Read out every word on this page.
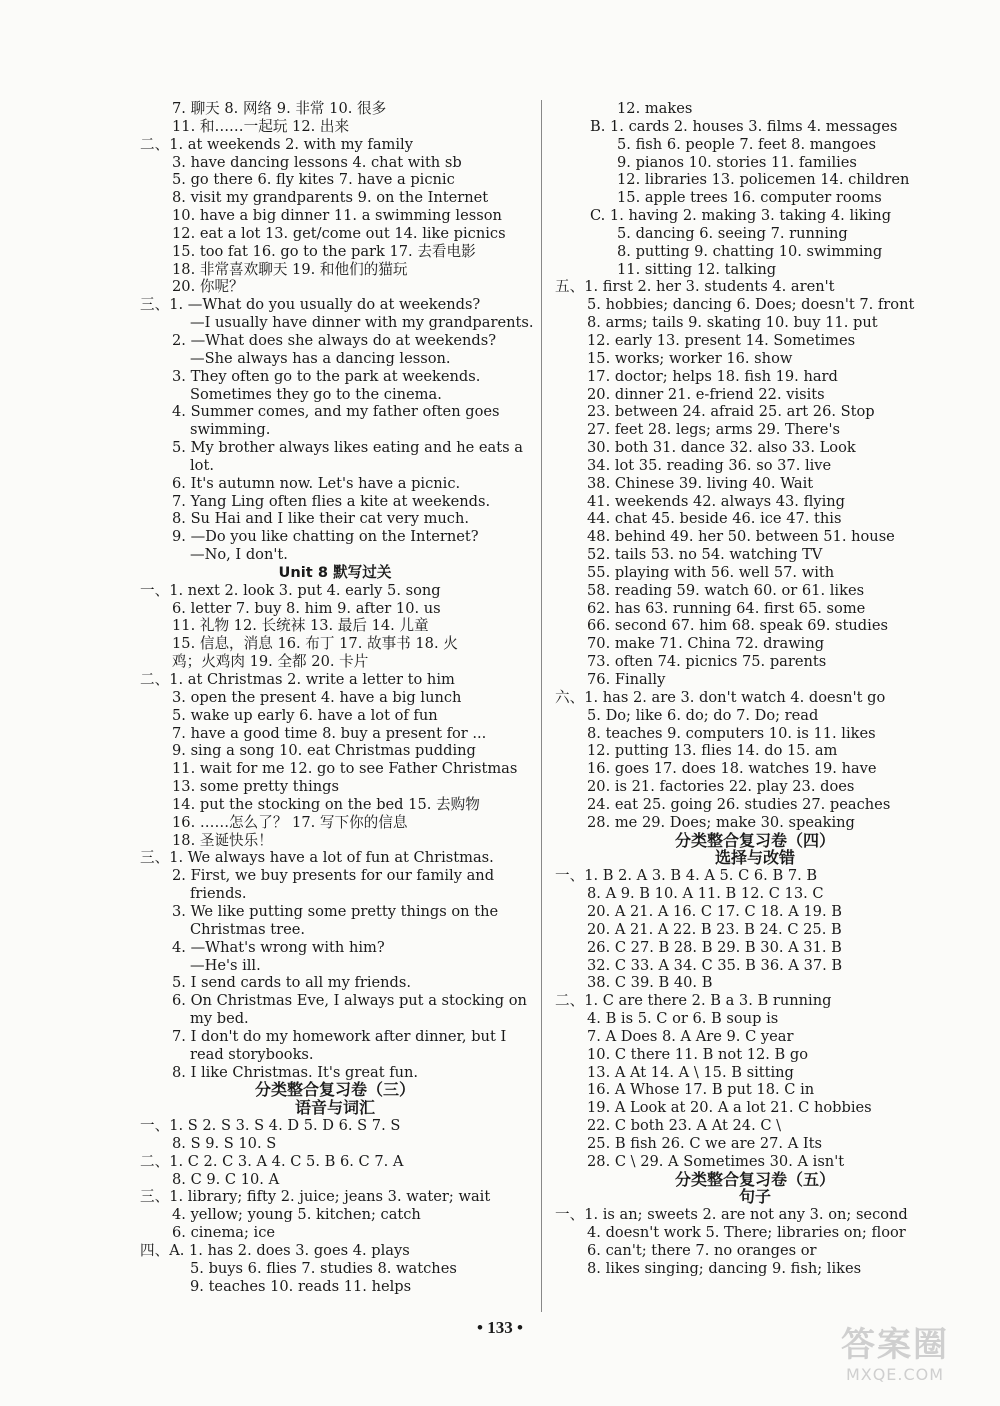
7. 聊天 8. 网络 9. 非常 10. 很多
11. 和……一起玩 12. 出来
二、1. at weekends 2. with my family
3. have dancing lessons 4. chat with sb
5. go there 6. fly kites 7. have a picnic
8. visit my grandparents 9. on the Internet
10. have a big dinner 11. a swimming lesson
12. eat a lot 13. get/come out 14. like picnics
15. too fat 16. go to the park 17. 去看电影
18. 非常喜欢聊天 19. 和他们的猫玩
20. 你呢？
三、1. —What do you usually do at weekends?
—I usually have dinner with my grandparents.
2. —What does she always do at weekends?
—She always has a dancing lesson.
3. They often go to the park at weekends.
Sometimes they go to the cinema.
4. Summer comes, and my father often goes
swimming.
5. My brother always likes eating and he eats a
lot.
6. It's autumn now. Let's have a picnic.
7. Yang Ling often flies a kite at weekends.
8. Su Hai and I like their cat very much.
9. —Do you like chatting on the Internet?
—No, I don't.
Unit 8 默写过关
一、1. next 2. look 3. put 4. early 5. song
6. letter 7. buy 8. him 9. after 10. us
11. 礼物 12. 长统袜 13. 最后 14. 儿童
15. 信息，消息 16. 布丁 17. 故事书 18. 火
鸡；火鸡肉 19. 全都 20. 卡片
二、1. at Christmas 2. write a letter to him
3. open the present 4. have a big lunch
5. wake up early 6. have a lot of fun
7. have a good time 8. buy a present for ...
9. sing a song 10. eat Christmas pudding
11. wait for me 12. go to see Father Christmas
13. some pretty things
14. put the stocking on the bed 15. 去购物
16. ……怎么了？ 17. 写下你的信息
18. 圣诞快乐！
三、1. We always have a lot of fun at Christmas.
2. First, we buy presents for our family and
friends.
3. We like putting some pretty things on the
Christmas tree.
4. —What's wrong with him?
—He's ill.
5. I send cards to all my friends.
6. On Christmas Eve, I always put a stocking on
my bed.
7. I don't do my homework after dinner, but I
read storybooks.
8. I like Christmas. It's great fun.
分类整合复习卷（三）
语音与词汇
一、1. S 2. S 3. S 4. D 5. D 6. S 7. S
8. S 9. S 10. S
二、1. C 2. C 3. A 4. C 5. B 6. C 7. A
8. C 9. C 10. A
三、1. library; fifty 2. juice; jeans 3. water; wait
4. yellow; young 5. kitchen; catch
6. cinema; ice
四、A. 1. has 2. does 3. goes 4. plays
5. buys 6. flies 7. studies 8. watches
9. teaches 10. reads 11. helps
12. makes
B. 1. cards 2. houses 3. films 4. messages
5. fish 6. people 7. feet 8. mangoes
9. pianos 10. stories 11. families
12. libraries 13. policemen 14. children
15. apple trees 16. computer rooms
C. 1. having 2. making 3. taking 4. liking
5. dancing 6. seeing 7. running
8. putting 9. chatting 10. swimming
11. sitting 12. talking
五、1. first 2. her 3. students 4. aren't
5. hobbies; dancing 6. Does; doesn't 7. front
8. arms; tails 9. skating 10. buy 11. put
12. early 13. present 14. Sometimes
15. works; worker 16. show
17. doctor; helps 18. fish 19. hard
20. dinner 21. e-friend 22. visits
23. between 24. afraid 25. art 26. Stop
27. feet 28. legs; arms 29. There's
30. both 31. dance 32. also 33. Look
34. lot 35. reading 36. so 37. live
38. Chinese 39. living 40. Wait
41. weekends 42. always 43. flying
44. chat 45. beside 46. ice 47. this
48. behind 49. her 50. between 51. house
52. tails 53. no 54. watching TV
55. playing with 56. well 57. with
58. reading 59. watch 60. or 61. likes
62. has 63. running 64. first 65. some
66. second 67. him 68. speak 69. studies
70. make 71. China 72. drawing
73. often 74. picnics 75. parents
76. Finally
六、1. has 2. are 3. don't watch 4. doesn't go
5. Do; like 6. do; do 7. Do; read
8. teaches 9. computers 10. is 11. likes
12. putting 13. flies 14. do 15. am
16. goes 17. does 18. watches 19. have
20. is 21. factories 22. play 23. does
24. eat 25. going 26. studies 27. peaches
28. me 29. Does; make 30. speaking
分类整合复习卷（四）
选择与改错
一、1. B 2. A 3. B 4. A 5. C 6. B 7. B
8. A 9. B 10. A 11. B 12. C 13. C
20. A 21. A 16. C 17. C 18. A 19. B
20. A 21. A 22. B 23. B 24. C 25. B
26. C 27. B 28. B 29. B 30. A 31. B
32. C 33. A 34. C 35. B 36. A 37. B
38. C 39. B 40. B
二、1. C are there 2. B a 3. B running
4. B is 5. C or 6. B soup is
7. A Does 8. A Are 9. C year
10. C there 11. B not 12. B go
13. A At 14. A \ 15. B sitting
16. A Whose 17. B put 18. C in
19. A Look at 20. A a lot 21. C hobbies
22. C both 23. A At 24. C \
25. B fish 26. C we are 27. A Its
28. C \ 29. A Sometimes 30. A isn't
分类整合复习卷（五）
句子
一、1. is an; sweets 2. are not any 3. on; second
4. doesn't work 5. There; libraries on; floor
6. can't; there 7. no oranges or
8. likes singing; dancing 9. fish; likes
• 133 •	答案圈
MXQE.COM
